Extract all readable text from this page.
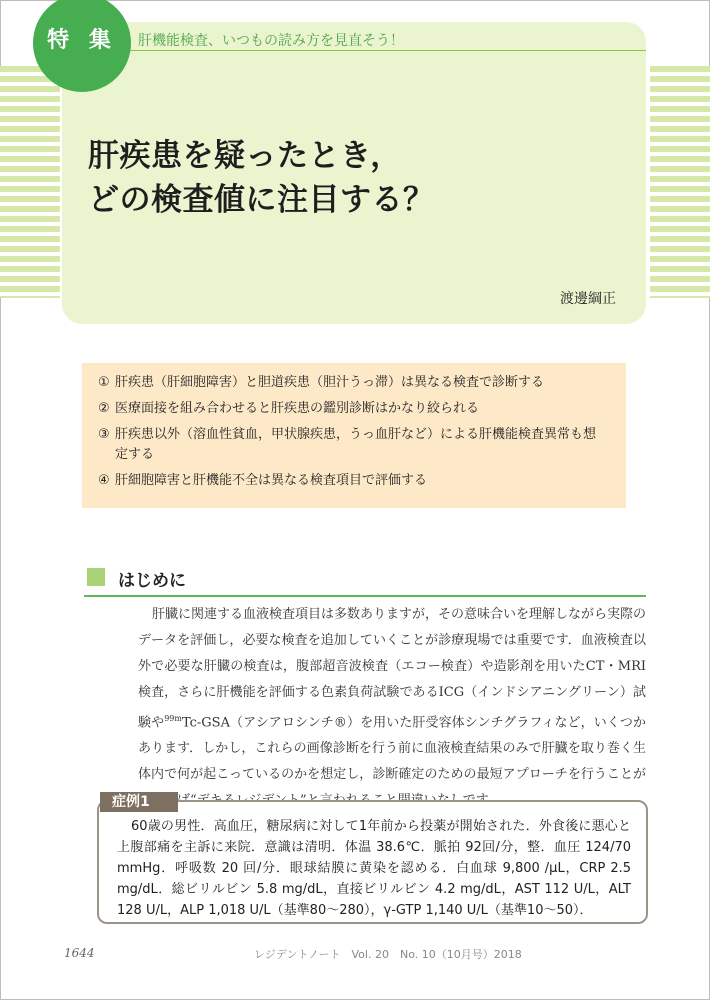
特 集	肝機能検査、いつもの読み方を見直そう！
肝疾患を疑ったとき，
どの検査値に注目する？
渡邊綱正
① 肝疾患（肝細胞障害）と胆道疾患（胆汁うっ滞）は異なる検査で診断する
② 医療面接を組み合わせると肝疾患の鑑別診断はかなり絞られる
③ 肝疾患以外（溶血性貧血，甲状腺疾患，うっ血肝など）による肝機能検査異常も想
定する
④ 肝細胞障害と肝機能不全は異なる検査項目で評価する
はじめに

肝臓に関連する血液検査項目は多数ありますが，その意味合いを理解しながら実際のデータを評価し，必要な検査を追加していくことが診療現場では重要です．血液検査以外で必要な肝臓の検査は，腹部超音波検査（エコー検査）や造影剤を用いたCT・MRI検査，さらに肝機能を評価する色素負荷試験であるICG（インドシアニングリーン）試験や$^{99m}$Tc-GSA（アシアロシンチ®）を用いた肝受容体シンチグラフィなど，いくつかあります．しかし，これらの画像診断を行う前に血液検査結果のみで肝臓を取り巻く生体内で何が起こっているのかを想定し，診断確定のための最短アプローチを行うことが

症例1

60歳の男性．高血圧，糖尿病に対して1年前から投薬が開始された．外食後に悪心と上腹部痛を主訴に来院．意識は清明．体温 38.6℃．脈拍 92回/分，整．血圧 124/70 mmHg．呼吸数 20 回/分．眼球結膜に黄染を認める．白血球 9,800 /μL，CRP 2.5 mg/dL．総ビリルビン 5.8 mg/dL，直接ビリルビン 4.2 mg/dL，AST 112 U/L，ALT 128 U/L，ALP 1,018 U/L（基準80～280），γ-GTP 1,140 U/L（基準10～50）．

1644	レジデントノート　Vol. 20　No. 10（10月号）2018
